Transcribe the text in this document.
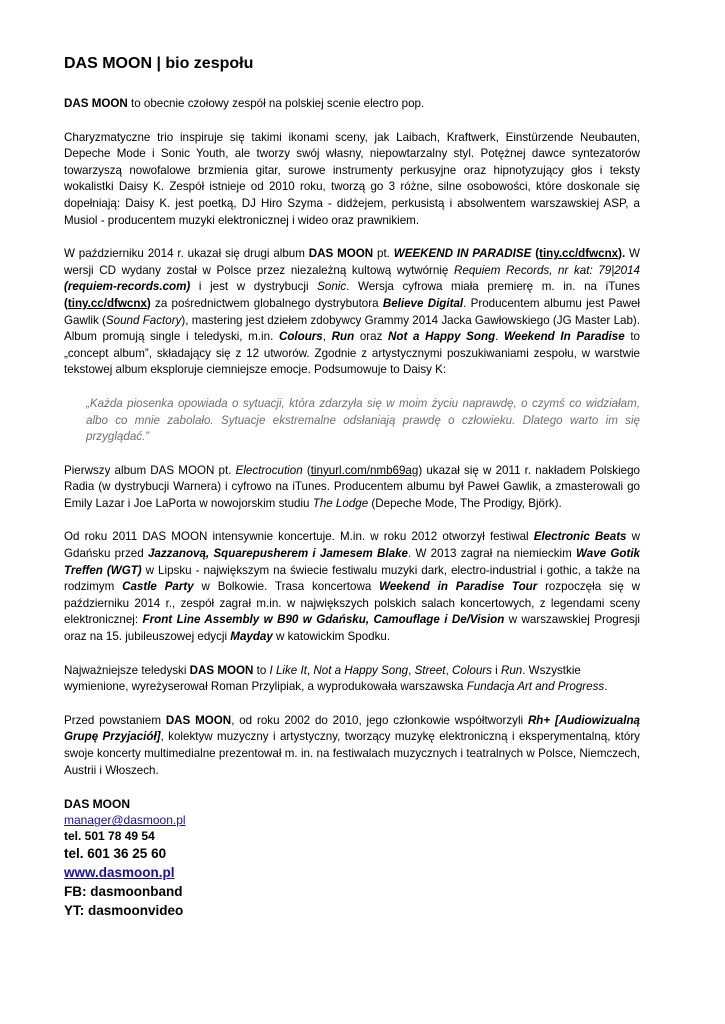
DAS MOON | bio zespołu

DAS MOON to obecnie czołowy zespół na polskiej scenie electro pop.

Charyzmatyczne trio inspiruje się takimi ikonami sceny, jak Laibach, Kraftwerk, Einstürzende Neubauten, Depeche Mode i Sonic Youth, ale tworzy swój własny, niepowtarzalny styl. Potężnej dawce syntezatorów towarzyszą nowofalowe brzmienia gitar, surowe instrumenty perkusyjne oraz hipnotyzujący głos i teksty wokalistki Daisy K. Zespół istnieje od 2010 roku, tworzą go 3 różne, silne osobowości, które doskonale się dopełniają: Daisy K. jest poetką, DJ Hiro Szyma - didżejem, perkusistą i absolwentem warszawskiej ASP, a Musiol - producentem muzyki elektronicznej i wideo oraz prawnikiem.

W październiku 2014 r. ukazał się drugi album DAS MOON pt. WEEKEND IN PARADISE (tiny.cc/dfwcnx). W wersji CD wydany został w Polsce przez niezależną kultową wytwórnię Requiem Records, nr kat: 79|2014 (requiem-records.com) i jest w dystrybucji Sonic. Wersja cyfrowa miała premierę m. in. na iTunes (tiny.cc/dfwcnx) za pośrednictwem globalnego dystrybutora Believe Digital. Producentem albumu jest Paweł Gawlik (Sound Factory), mastering jest dziełem zdobywcy Grammy 2014 Jacka Gawłowskiego (JG Master Lab). Album promują single i teledyski, m.in. Colours, Run oraz Not a Happy Song. Weekend In Paradise to „concept album”, składający się z 12 utworów. Zgodnie z artystycznymi poszukiwaniami zespołu, w warstwie tekstowej album eksploruje ciemniejsze emocje. Podsumowuje to Daisy K:

„Każda piosenka opowiada o sytuacji, która zdarzyła się w moim życiu naprawdę, o czymś co widziałam, albo co mnie zabolało. Sytuacje ekstremalne odsłaniają prawdę o człowieku. Dlatego warto im się przyglądać.”

Pierwszy album DAS MOON pt. Electrocution (tinyurl.com/nmb69ag) ukazał się w 2011 r. nakładem Polskiego Radia (w dystrybucji Warnera) i cyfrowo na iTunes. Producentem albumu był Paweł Gawlik, a zmasterowali go Emily Lazar i Joe LaPorta w nowojorskim studiu The Lodge (Depeche Mode, The Prodigy, Björk).

Od roku 2011 DAS MOON intensywnie koncertuje. M.in. w roku 2012 otworzył festiwal Electronic Beats w Gdańsku przed Jazzanovą, Squarepusherem i Jamesem Blake. W 2013 zagrał na niemieckim Wave Gotik Treffen (WGT) w Lipsku - największym na świecie festiwalu muzyki dark, electro-industrial i gothic, a także na rodzimym Castle Party w Bolkowie. Trasa koncertowa Weekend in Paradise Tour rozpoczęła się w październiku 2014 r., zespół zagrał m.in. w największych polskich salach koncertowych, z legendami sceny elektronicznej: Front Line Assembly w B90 w Gdańsku, Camouflage i De/Vision w warszawskiej Progresji oraz na 15. jubileuszowej edycji Mayday w katowickim Spodku.

Najważniejsze teledyski DAS MOON to I Like It, Not a Happy Song, Street, Colours i Run. Wszystkie wymienione, wyreżyserował Roman Przylipiak, a wyprodukowała warszawska Fundacja Art and Progress.

Przed powstaniem DAS MOON, od roku 2002 do 2010, jego członkowie współtworzyli Rh+ [Audiowizualną Grupę Przyjaciół], kolektyw muzyczny i artystyczny, tworzący muzykę elektroniczną i eksperymentalną, który swoje koncerty multimedialne prezentował m. in. na festiwalach muzycznych i teatralnych w Polsce, Niemczech, Austrii i Włoszech.

DAS MOON
manager@dasmoon.pl
tel. 501 78 49 54
tel. 601 36 25 60
www.dasmoon.pl
FB: dasmoonband
YT: dasmoonvideo
